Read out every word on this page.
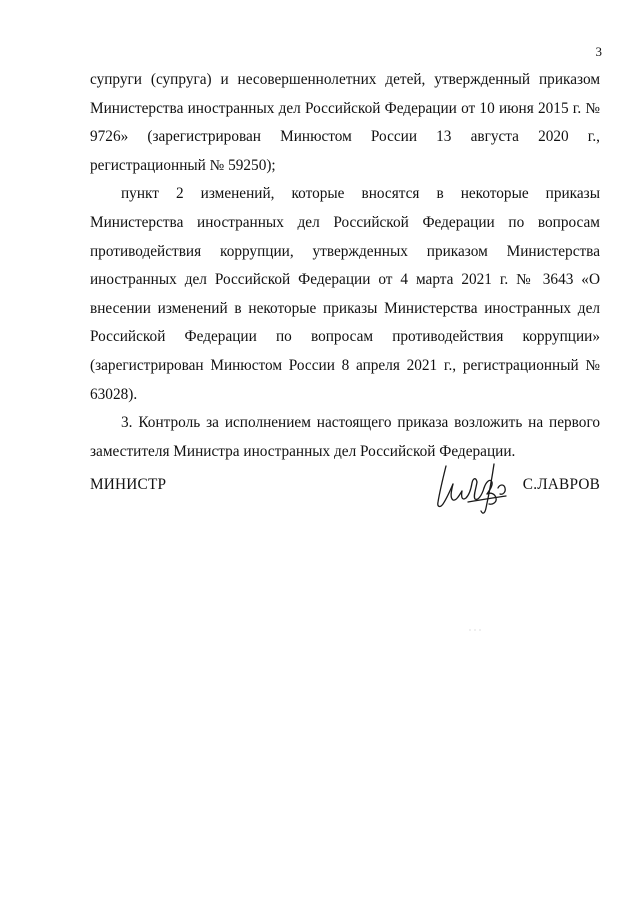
3

супруги (супруга) и несовершеннолетних детей, утвержденный приказом Министерства иностранных дел Российской Федерации от 10 июня 2015 г. № 9726» (зарегистрирован Минюстом России 13 августа 2020 г., регистрационный № 59250);

пункт 2 изменений, которые вносятся в некоторые приказы Министерства иностранных дел Российской Федерации по вопросам противодействия коррупции, утвержденных приказом Министерства иностранных дел Российской Федерации от 4 марта 2021 г. № 3643 «О внесении изменений в некоторые приказы Министерства иностранных дел Российской Федерации по вопросам противодействия коррупции» (зарегистрирован Минюстом России 8 апреля 2021 г., регистрационный № 63028).

3. Контроль за исполнением настоящего приказа возложить на первого заместителя Министра иностранных дел Российской Федерации.

МИНИСТР	С.ЛАВРОВ
